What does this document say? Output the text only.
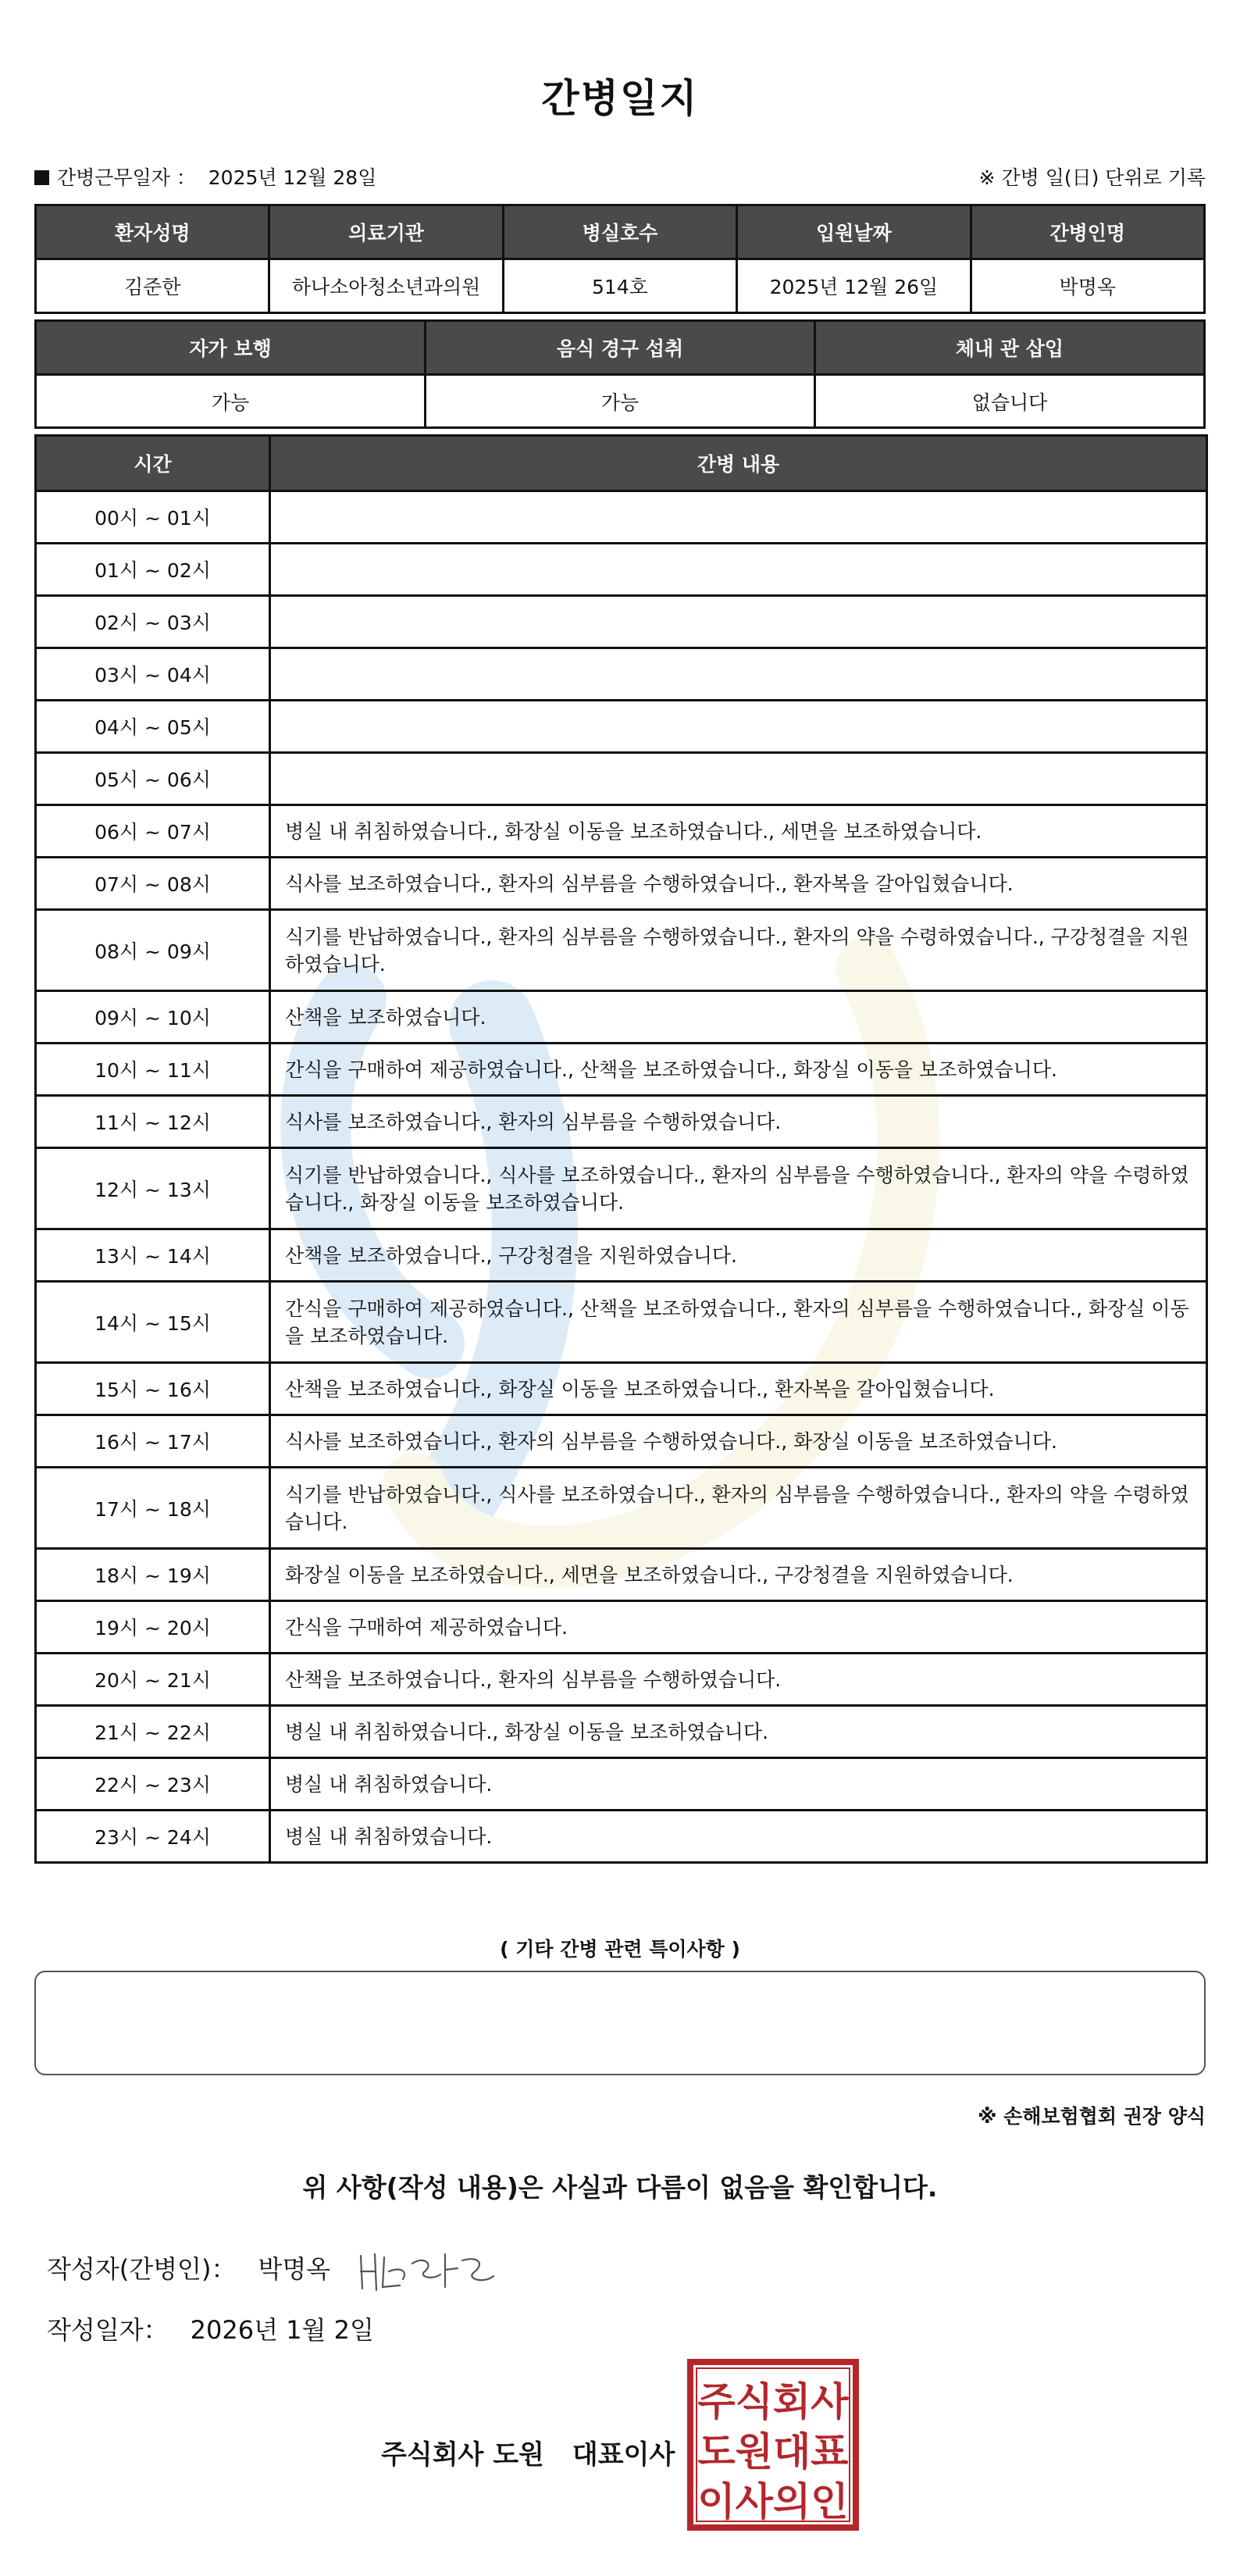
간병일지
간병근무일자 ： 2025년 12월 28일	※ 간병 일(日) 단위로 기록
환자성명	의료기관	병실호수	입원날짜	간병인명
김준한	하나소아청소년과의원	514호	2025년 12월 26일	박명옥
자가 보행	음식 경구 섭취	체내 관 삽입
가능	가능	없습니다
시간	간병 내용
00시 ~ 01시	
01시 ~ 02시	
02시 ~ 03시	
03시 ~ 04시	
04시 ~ 05시	
05시 ~ 06시	
06시 ~ 07시	병실 내 취침하였습니다., 화장실 이동을 보조하였습니다., 세면을 보조하였습니다.
07시 ~ 08시	식사를 보조하였습니다., 환자의 심부름을 수행하였습니다., 환자복을 갈아입혔습니다.
08시 ~ 09시	식기를 반납하였습니다., 환자의 심부름을 수행하였습니다., 환자의 약을 수령하였습니다., 구강청결을 지원하였습니다.
09시 ~ 10시	산책을 보조하였습니다.
10시 ~ 11시	간식을 구매하여 제공하였습니다., 산책을 보조하였습니다., 화장실 이동을 보조하였습니다.
11시 ~ 12시	식사를 보조하였습니다., 환자의 심부름을 수행하였습니다.
12시 ~ 13시	식기를 반납하였습니다., 식사를 보조하였습니다., 환자의 심부름을 수행하였습니다., 환자의 약을 수령하였습니다., 화장실 이동을 보조하였습니다.
13시 ~ 14시	산책을 보조하였습니다., 구강청결을 지원하였습니다.
14시 ~ 15시	간식을 구매하여 제공하였습니다., 산책을 보조하였습니다., 환자의 심부름을 수행하였습니다., 화장실 이동을 보조하였습니다.
15시 ~ 16시	산책을 보조하였습니다., 화장실 이동을 보조하였습니다., 환자복을 갈아입혔습니다.
16시 ~ 17시	식사를 보조하였습니다., 환자의 심부름을 수행하였습니다., 화장실 이동을 보조하였습니다.
17시 ~ 18시	식기를 반납하였습니다., 식사를 보조하였습니다., 환자의 심부름을 수행하였습니다., 환자의 약을 수령하였습니다.
18시 ~ 19시	화장실 이동을 보조하였습니다., 세면을 보조하였습니다., 구강청결을 지원하였습니다.
19시 ~ 20시	간식을 구매하여 제공하였습니다.
20시 ~ 21시	산책을 보조하였습니다., 환자의 심부름을 수행하였습니다.
21시 ~ 22시	병실 내 취침하였습니다., 화장실 이동을 보조하였습니다.
22시 ~ 23시	병실 내 취침하였습니다.
23시 ~ 24시	병실 내 취침하였습니다.
( 기타 간병 관련 특이사항 )
※ 손해보험협회 권장 양식
위 사항(작성 내용)은 사실과 다름이 없음을 확인합니다.
작성자(간병인)： 박명옥
작성일자： 2026년 1월 2일
주식회사 도원 대표이사
주식회사
도원대표
이사의인
